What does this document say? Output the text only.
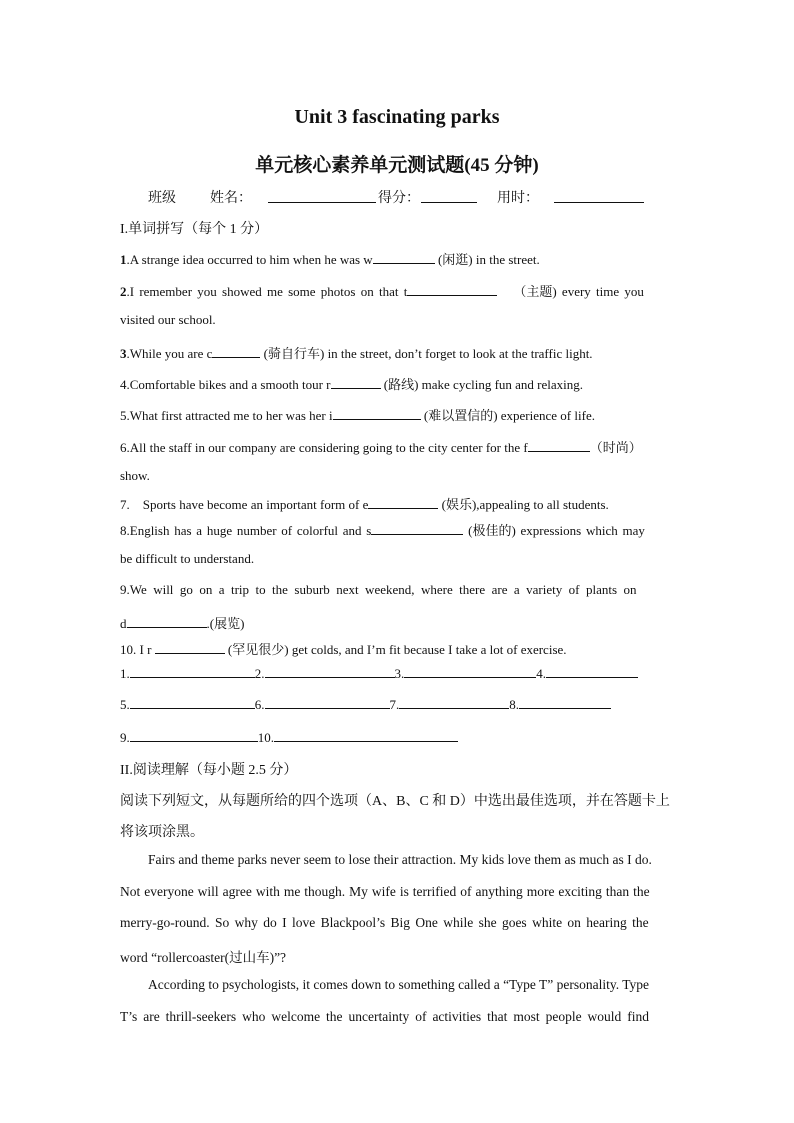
Unit 3 fascinating parks
单元核心素养单元测试题(45 分钟)
班级 姓名：	得分：	用时：
I.单词拼写（每个 1 分）
1.A strange idea occurred to him when he was w	(闲逛) in the street.
2.I remember you showed me some photos on that t	（主题) every time you
visited our school.
3.While you are c	(骑自行车) in the street, don’t forget to look at the traffic light.
4.Comfortable bikes and a smooth tour r	(路线) make cycling fun and relaxing.
5.What first attracted me to her was her i	(难以置信的) experience of life.
6.All the staff in our company are considering going to the city center for the f	（时尚）
show.
7.    Sports have become an important form of e	(娱乐),appealing to all students.
8.English has a huge number of colorful and s	(极佳的) expressions which may
be difficult to understand.
9.We will go on a trip to the suburb next weekend, where there are a variety of plants on
d	.(展览)
10. I r	(罕见很少) get colds, and I’m fit because I take a lot of exercise.
1.	2.	3.	4.
5.	6.	7.	8.
9.	10.
II.阅读理解（每小题 2.5 分）
阅读下列短文，从每题所给的四个选项（A、B、C 和 D）中选出最佳选项，并在答题卡上
将该项涂黑。
Fairs and theme parks never seem to lose their attraction. My kids love them as much as I do.
Not everyone will agree with me though. My wife is terrified of anything more exciting than the
merry-go-round. So why do I love Blackpool’s Big One while she goes white on hearing the
word “rollercoaster(过山车)”?
According to psychologists, it comes down to something called a “Type T” personality. Type
T’s are thrill-seekers who welcome the uncertainty of activities that most people would find
